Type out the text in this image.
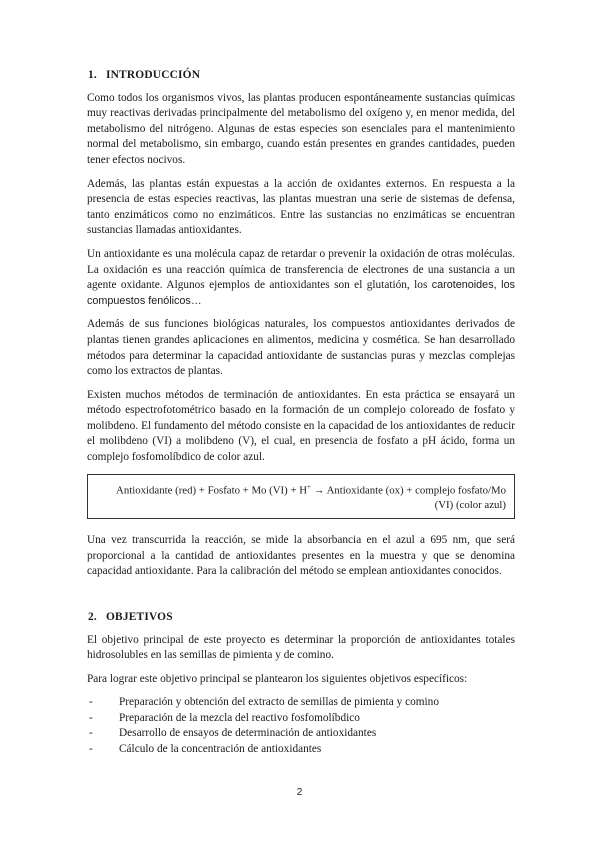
1. INTRODUCCIÓN

Como todos los organismos vivos, las plantas producen espontáneamente sustancias químicas muy reactivas derivadas principalmente del metabolismo del oxígeno y, en menor medida, del metabolismo del nitrógeno. Algunas de estas especies son esenciales para el mantenimiento normal del metabolismo, sin embargo, cuando están presentes en grandes cantidades, pueden tener efectos nocivos.

Además, las plantas están expuestas a la acción de oxidantes externos. En respuesta a la presencia de estas especies reactivas, las plantas muestran una serie de sistemas de defensa, tanto enzimáticos como no enzimáticos. Entre las sustancias no enzimáticas se encuentran sustancias llamadas antioxidantes.

Un antioxidante es una molécula capaz de retardar o prevenir la oxidación de otras moléculas. La oxidación es una reacción química de transferencia de electrones de una sustancia a un agente oxidante. Algunos ejemplos de antioxidantes son el glutatión, los carotenoides, los compuestos fenólicos…

Además de sus funciones biológicas naturales, los compuestos antioxidantes derivados de plantas tienen grandes aplicaciones en alimentos, medicina y cosmética. Se han desarrollado métodos para determinar la capacidad antioxidante de sustancias puras y mezclas complejas como los extractos de plantas.

Existen muchos métodos de terminación de antioxidantes. En esta práctica se ensayará un método espectrofotométrico basado en la formación de un complejo coloreado de fosfato y molibdeno. El fundamento del método consiste en la capacidad de los antioxidantes de reducir el molibdeno (VI) a molibdeno (V), el cual, en presencia de fosfato a pH ácido, forma un complejo fosfomolíbdico de color azul.

Antioxidante (red) + Fosfato + Mo (VI) + H+ → Antioxidante (ox) + complejo fosfato/Mo (VI) (color azul)

Una vez transcurrida la reacción, se mide la absorbancia en el azul a 695 nm, que será proporcional a la cantidad de antioxidantes presentes en la muestra y que se denomina capacidad antioxidante. Para la calibración del método se emplean antioxidantes conocidos.

2. OBJETIVOS

El objetivo principal de este proyecto es determinar la proporción de antioxidantes totales hidrosolubles en las semillas de pimienta y de comino.

Para lograr este objetivo principal se plantearon los siguientes objetivos específicos:

- Preparación y obtención del extracto de semillas de pimienta y comino
- Preparación de la mezcla del reactivo fosfomolíbdico
- Desarrollo de ensayos de determinación de antioxidantes
- Cálculo de la concentración de antioxidantes
2
